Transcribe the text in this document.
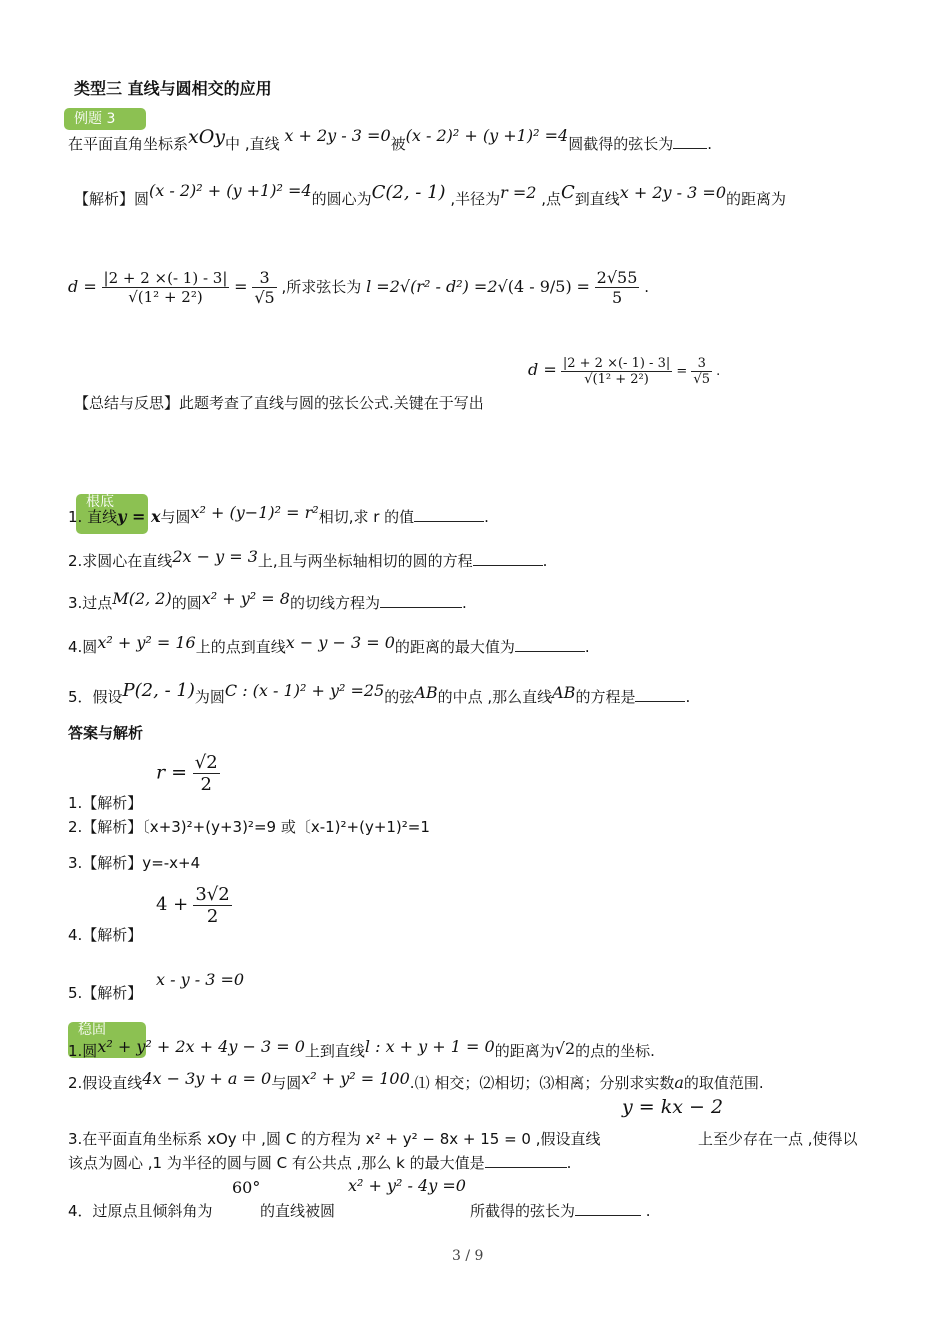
类型三 直线与圆相交的应用
例题 3
在平面直角坐标系xOy中 ,直线 x + 2y - 3 =0被(x - 2)² + (y +1)² =4圆截得的弦长为 .
【解析】圆(x - 2)² + (y +1)² =4的圆心为C(2, - 1) ,半径为r =2 ,点C到直线x + 2y - 3 =0的距离为
$d = \frac{|2 + 2 \times(- 1) - 3|}{\text{√(1² + 2²)}} = \frac{3}{√5}$ ,所求弦长为 $l =2√(r^2 - d^2) =2√(4 - 9/5) = \frac{2√55}{5}$ .
【总结与反思】此题考查了直线与圆的弦长公式.关键在于写出
$d = \frac{|2 + 2 \times(- 1) - 3|}{\text{√(1² + 2²)}} = \frac{3}{√5}$ .
根底
1. 直线y = x与圆x² + (y−1)² = r²相切,求 r 的值	.
2.求圆心在直线2x − y = 3上,且与两坐标轴相切的圆的方程	.
3.过点M(2, 2)的圆x² + y² = 8的切线方程为	.
4.圆x² + y² = 16上的点到直线x − y − 3 = 0的距离的最大值为	.
5．假设P(2, - 1)为圆C : (x - 1)² + y² =25的弦AB的中点 ,那么直线AB的方程是	.
答案与解析
$r = \frac{√2}{2}$
1.【解析】
2.【解析】〔x+3)²+(y+3)²=9 或〔x-1)²+(y+1)²=1
3.【解析】y=-x+4
$4 + \frac{3√2}{2}$
4.【解析】
x - y - 3 =0
5.【解析】
稳固
1.圆x² + y² + 2x + 4y − 3 = 0上到直线l : x + y + 1 = 0的距离为√2的点的坐标.
2.假设直线4x − 3y + a = 0与圆x² + y² = 100.⑴ 相交；⑵相切；⑶相离；分别求实数a的取值范围.
y = kx − 2
3.在平面直角坐标系 xOy 中 ,圆 C 的方程为 x² + y² − 8x + 15 = 0 ,假设直线	上至少存在一点 ,使得以
该点为圆心 ,1 为半径的圆与圆 C 有公共点 ,那么 k 的最大值是	.
60°	x² + y² - 4y =0
4．过原点且倾斜角为	的直线被圆	所截得的弦长为	.
3 / 9
